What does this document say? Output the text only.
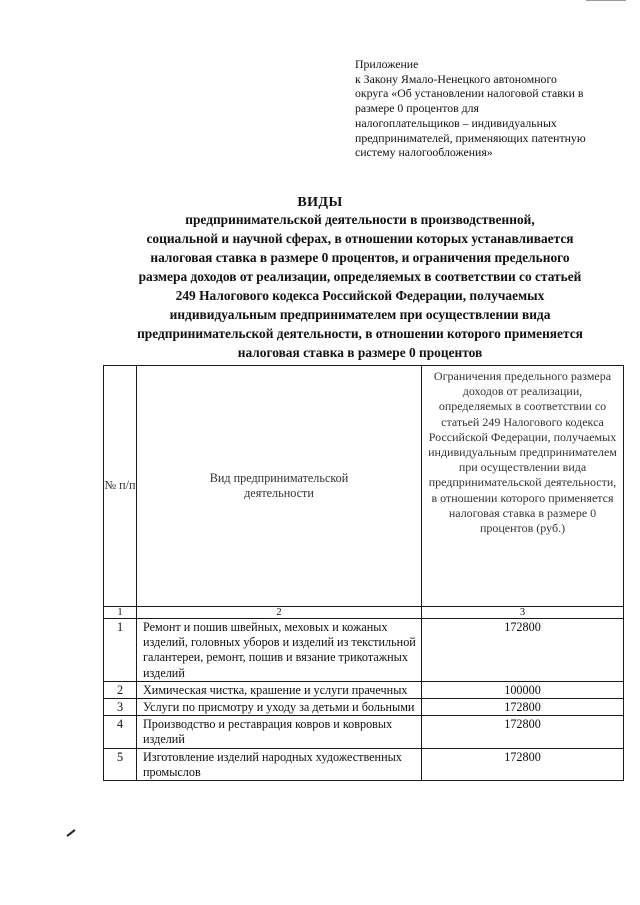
Приложение
к Закону Ямало-Ненецкого автономного
округа «Об установлении налоговой ставки в
размере 0 процентов для
налогоплательщиков – индивидуальных
предпринимателей, применяющих патентную
систему налогообложения»
ВИДЫ
предпринимательской деятельности в производственной,
социальной и научной сферах, в отношении которых устанавливается
налоговая ставка в размере 0 процентов, и ограничения предельного
размера доходов от реализации, определяемых в соответствии со статьей
249 Налогового кодекса Российской Федерации, получаемых
индивидуальным предпринимателем при осуществлении вида
предпринимательской деятельности, в отношении которого применяется
налоговая ставка в размере 0 процентов
№ п/п	Вид предпринимательской деятельности	Ограничения предельного размера доходов от реализации, определяемых в соответствии со статьей 249 Налогового кодекса Российской Федерации, получаемых индивидуальным предпринимателем при осуществлении вида предпринимательской деятельности, в отношении которого применяется налоговая ставка в размере 0 процентов (руб.)
1	2	3
1	Ремонт и пошив швейных, меховых и кожаных изделий, головных уборов и изделий из текстильной галантереи, ремонт, пошив и вязание трикотажных изделий	172800
2	Химическая чистка, крашение и услуги прачечных	100000
3	Услуги по присмотру и уходу за детьми и больными	172800
4	Производство и реставрация ковров и ковровых изделий	172800
5	Изготовление изделий народных художественных промыслов	172800
